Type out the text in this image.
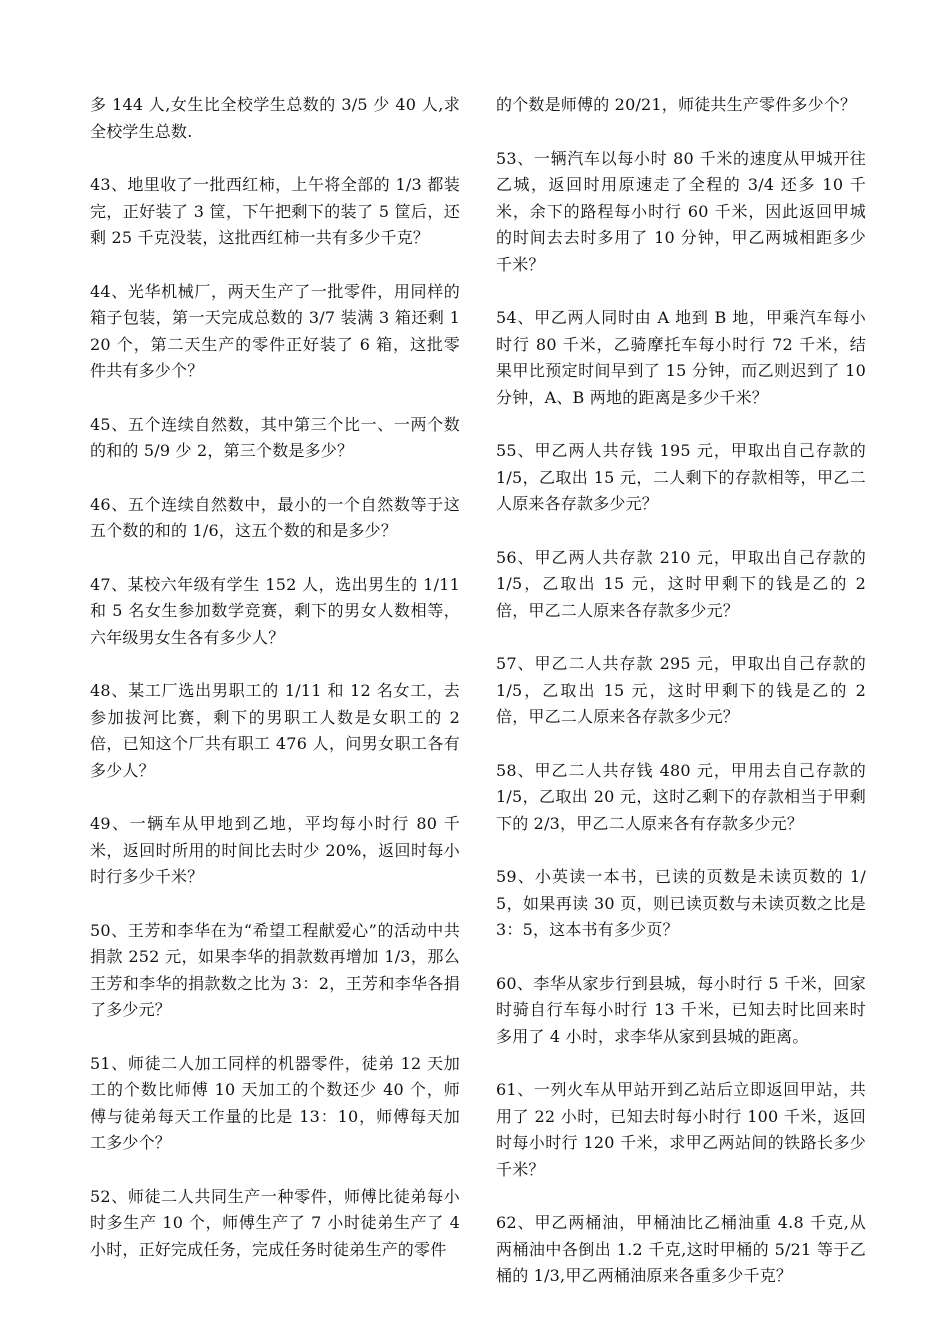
多 144 人,女生比全校学生总数的 3/5 少 40 人,求全校学生总数.

43、地里收了一批西红柿，上午将全部的 1/3 都装完，正好装了 3 筐，下午把剩下的装了 5 筐后，还剩 25 千克没装，这批西红柿一共有多少千克？

44、光华机械厂，两天生产了一批零件，用同样的箱子包装，第一天完成总数的 3/7 装满 3 箱还剩 120 个，第二天生产的零件正好装了 6 箱，这批零件共有多少个？

45、五个连续自然数，其中第三个比一、一两个数的和的 5/9 少 2，第三个数是多少？

46、五个连续自然数中，最小的一个自然数等于这五个数的和的 1/6，这五个数的和是多少？

47、某校六年级有学生 152 人，选出男生的 1/11 和 5 名女生参加数学竞赛，剩下的男女人数相等，六年级男女生各有多少人？

48、某工厂选出男职工的 1/11 和 12 名女工，去参加拔河比赛，剩下的男职工人数是女职工的 2 倍，已知这个厂共有职工 476 人，问男女职工各有多少人？

49、一辆车从甲地到乙地，平均每小时行 80 千米，返回时所用的时间比去时少 20%，返回时每小时行多少千米？

50、王芳和李华在为“希望工程献爱心”的活动中共捐款 252 元，如果李华的捐款数再增加 1/3，那么王芳和李华的捐款数之比为 3：2，王芳和李华各捐了多少元？

51、师徒二人加工同样的机器零件，徒弟 12 天加工的个数比师傅 10 天加工的个数还少 40 个，师傅与徒弟每天工作量的比是 13：10，师傅每天加工多少个？

52、师徒二人共同生产一种零件，师傅比徒弟每小时多生产 10 个，师傅生产了 7 小时徒弟生产了 4 小时，正好完成任务，完成任务时徒弟生产的零件

的个数是师傅的 20/21，师徒共生产零件多少个？

53、一辆汽车以每小时 80 千米的速度从甲城开往乙城，返回时用原速走了全程的 3/4 还多 10 千米，余下的路程每小时行 60 千米，因此返回甲城的时间去去时多用了 10 分钟，甲乙两城相距多少千米？

54、甲乙两人同时由 A 地到 B 地，甲乘汽车每小时行 80 千米，乙骑摩托车每小时行 72 千米，结果甲比预定时间早到了 15 分钟，而乙则迟到了 10 分钟，A、B 两地的距离是多少千米？

55、甲乙两人共存钱 195 元，甲取出自己存款的 1/5，乙取出 15 元，二人剩下的存款相等，甲乙二人原来各存款多少元？

56、甲乙两人共存款 210 元，甲取出自己存款的 1/5，乙取出 15 元，这时甲剩下的钱是乙的 2 倍，甲乙二人原来各存款多少元？

57、甲乙二人共存款 295 元，甲取出自己存款的 1/5，乙取出 15 元，这时甲剩下的钱是乙的 2 倍，甲乙二人原来各存款多少元？

58、甲乙二人共存钱 480 元，甲用去自己存款的 1/5，乙取出 20 元，这时乙剩下的存款相当于甲剩下的 2/3，甲乙二人原来各有存款多少元？

59、小英读一本书，已读的页数是未读页数的 1/5，如果再读 30 页，则已读页数与未读页数之比是 3：5，这本书有多少页？

60、李华从家步行到县城，每小时行 5 千米，回家时骑自行车每小时行 13 千米，已知去时比回来时多用了 4 小时，求李华从家到县城的距离。

61、一列火车从甲站开到乙站后立即返回甲站，共用了 22 小时，已知去时每小时行 100 千米，返回时每小时行 120 千米，求甲乙两站间的铁路长多少千米？

62、甲乙两桶油，甲桶油比乙桶油重 4.8 千克,从两桶油中各倒出 1.2 千克,这时甲桶的 5/21 等于乙桶的 1/3,甲乙两桶油原来各重多少千克？
